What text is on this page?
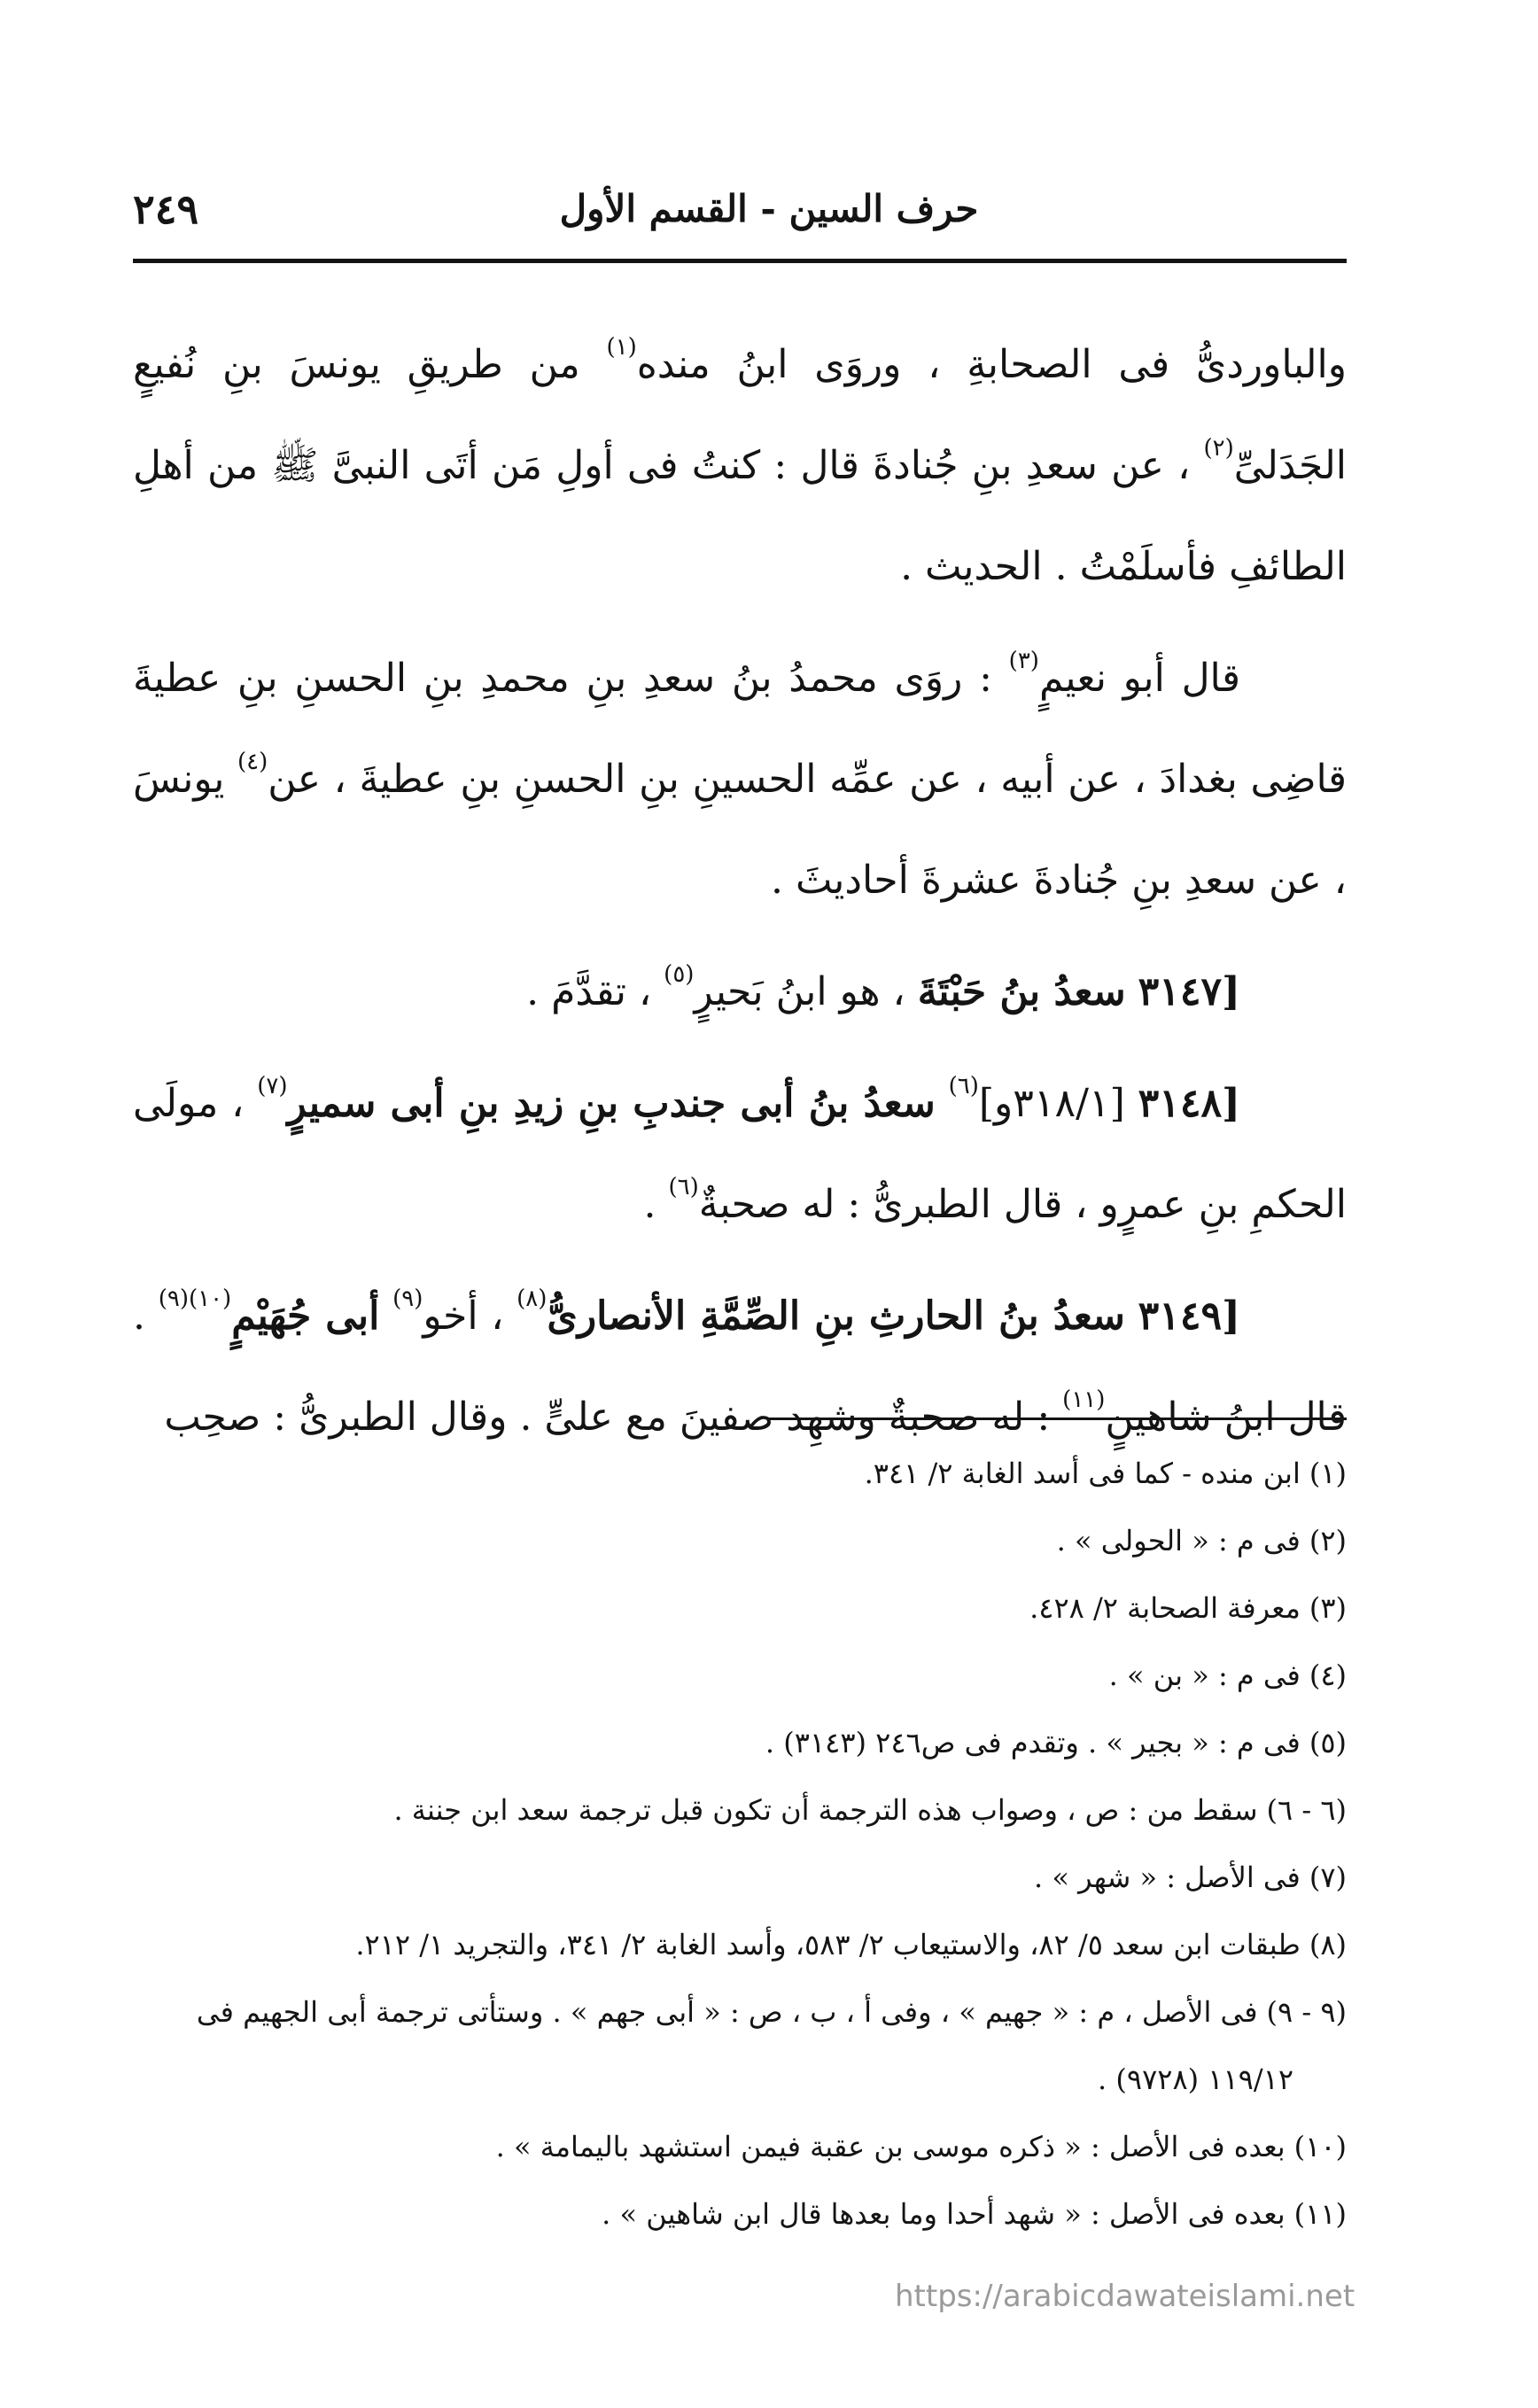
حرف السين - القسم الأول
٢٤٩

والباوردىُّ فى الصحابةِ ، وروَى ابنُ منده$^{(١)}$ من طريقِ يونسَ بنِ نُفيعٍ الجَدَلىِّ$^{(٢)}$ ، عن سعدِ بنِ جُنادةَ قال : كنتُ فى أولِ مَن أتَى النبىَّ ﷺ من أهلِ الطائفِ فأسلَمْتُ . الحديث .

قال أبو نعيمٍ$^{(٣)}$ : روَى محمدُ بنُ سعدِ بنِ محمدِ بنِ الحسنِ بنِ عطيةَ قاضِى بغدادَ ، عن أبيه ، عن عمِّه الحسينِ بنِ الحسنِ بنِ عطيةَ ، عن$^{(٤)}$ يونسَ ، عن سعدِ بنِ جُنادةَ عشرةَ أحاديثَ .

[٣١٤٧ سعدُ بنُ حَبْتَةَ ، هو ابنُ بَحيرٍ$^{(٥)}$ ، تقدَّمَ .

[٣١٤٨ [٣١٨/١و]$^{(٦)}$ سعدُ بنُ أبى جندبِ بنِ زيدِ بنِ أبى سميرٍ$^{(٧)}$ ، مولَى الحكمِ بنِ عمرٍو ، قال الطبرىُّ : له صحبةٌ$^{(٦)}$ .

[٣١٤٩ سعدُ بنُ الحارثِ بنِ الصِّمَّةِ الأنصارىُّ$^{(٨)}$ ، أخو$^{(٩)}$ أبى جُهَيْمٍ$^{(١٠)(٩)}$ . قال ابنُ شاهينٍ$^{(١١)}$ : له صحبةٌ وشهِد صفينَ مع علىٍّ . وقال الطبرىُّ : صحِب

(١)ابن منده - كما فى أسد الغابة ٢/ ٣٤١.

(٢)فى م : « الحولى » .

(٣)معرفة الصحابة ٢/ ٤٢٨.

(٤)فى م : « بن » .

(٥)فى م : « بجير » . وتقدم فى ص٢٤٦ (٣١٤٣) .

(٦ - ٦)سقط من : ص ، وصواب هذه الترجمة أن تكون قبل ترجمة سعد ابن جننة .

(٧)فى الأصل : « شهر » .

(٨)طبقات ابن سعد ٥/ ٨٢، والاستيعاب ٢/ ٥٨٣، وأسد الغابة ٢/ ٣٤١، والتجريد ١/ ٢١٢.

(٩ - ٩)فى الأصل ، م : « جهيم » ، وفى أ ، ب ، ص : « أبى جهم » . وستأتى ترجمة أبى الجهيم فى

١١٩/١٢ (٩٧٢٨) .

(١٠)بعده فى الأصل : « ذكره موسى بن عقبة فيمن استشهد باليمامة » .

(١١)بعده فى الأصل : « شهد أحدا وما بعدها قال ابن شاهين » .

https://arabicdawateislami.net
